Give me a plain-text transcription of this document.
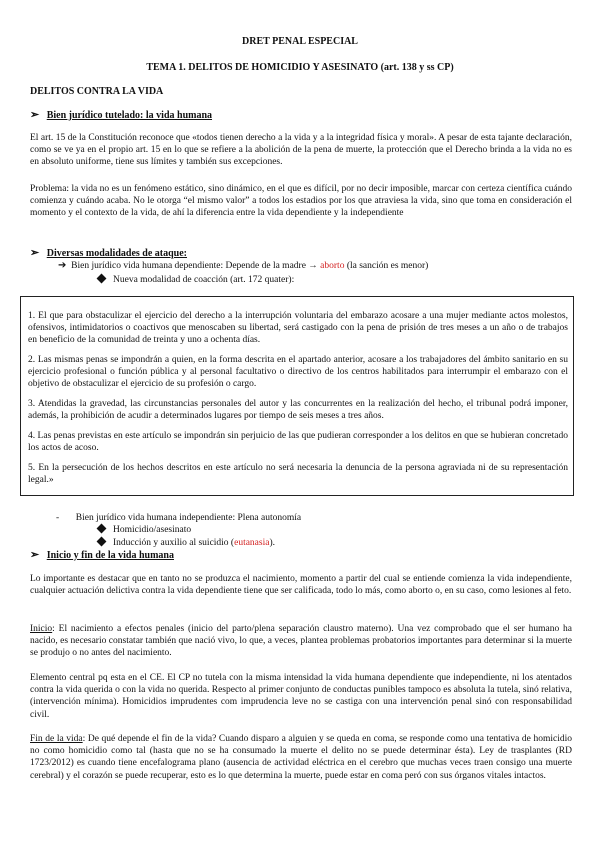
DRET PENAL ESPECIAL

TEMA 1. DELITOS DE HOMICIDIO Y ASESINATO (art. 138 y ss CP)

DELITOS CONTRA LA VIDA

➢ Bien jurídico tutelado: la vida humana

El art. 15 de la Constitución reconoce que «todos tienen derecho a la vida y a la integridad física y moral». A pesar de esta tajante declaración, como se ve ya en el propio art. 15 en lo que se refiere a la abolición de la pena de muerte, la protección que el Derecho brinda a la vida no es en absoluto uniforme, tiene sus límites y también sus excepciones.

Problema: la vida no es un fenómeno estático, sino dinámico, en el que es difícil, por no decir imposible, marcar con certeza científica cuándo comienza y cuándo acaba. No le otorga “el mismo valor” a todos los estadios por los que atraviesa la vida, sino que toma en consideración el momento y el contexto de la vida, de ahí la diferencia entre la vida dependiente y la independiente

➢ Diversas modalidades de ataque:

➔ Bien jurídico vida humana dependiente: Depende de la madre → aborto (la sanción es menor)

Nueva modalidad de coacción (art. 172 quater):

1. El que para obstaculizar el ejercicio del derecho a la interrupción voluntaria del embarazo acosare a una mujer mediante actos molestos, ofensivos, intimidatorios o coactivos que menoscaben su libertad, será castigado con la pena de prisión de tres meses a un año o de trabajos en beneficio de la comunidad de treinta y uno a ochenta días.

2. Las mismas penas se impondrán a quien, en la forma descrita en el apartado anterior, acosare a los trabajadores del ámbito sanitario en su ejercicio profesional o función pública y al personal facultativo o directivo de los centros habilitados para interrumpir el embarazo con el objetivo de obstaculizar el ejercicio de su profesión o cargo.

3. Atendidas la gravedad, las circunstancias personales del autor y las concurrentes en la realización del hecho, el tribunal podrá imponer, además, la prohibición de acudir a determinados lugares por tiempo de seis meses a tres años.

4. Las penas previstas en este artículo se impondrán sin perjuicio de las que pudieran corresponder a los delitos en que se hubieran concretado los actos de acoso.

5. En la persecución de los hechos descritos en este artículo no será necesaria la denuncia de la persona agraviada ni de su representación legal.»

- Bien jurídico vida humana independiente: Plena autonomía

Homicidio/asesinato

Inducción y auxilio al suicidio (eutanasia).

➢ Inicio y fin de la vida humana

Lo importante es destacar que en tanto no se produzca el nacimiento, momento a partir del cual se entiende comienza la vida independiente, cualquier actuación delictiva contra la vida dependiente tiene que ser calificada, todo lo más, como aborto o, en su caso, como lesiones al feto.

Inicio: El nacimiento a efectos penales (inicio del parto/plena separación claustro materno). Una vez comprobado que el ser humano ha nacido, es necesario constatar también que nació vivo, lo que, a veces, plantea problemas probatorios importantes para determinar si la muerte se produjo o no antes del nacimiento.

Elemento central pq esta en el CE. El CP no tutela con la misma intensidad la vida humana dependiente que independiente, ni los atentados contra la vida querida o con la vida no querida. Respecto al primer conjunto de conductas punibles tampoco es absoluta la tutela, sinó relativa, (intervención mínima). Homicidios imprudentes com imprudencia leve no se castiga con una intervención penal sinó con responsabilidad civil.

Fin de la vida: De qué depende el fin de la vida? Cuando disparo a alguien y se queda en coma, se responde como una tentativa de homicidio no como homicidio como tal (hasta que no se ha consumado la muerte el delito no se puede determinar ésta). Ley de trasplantes (RD 1723/2012) es cuando tiene encefalograma plano (ausencia de actividad eléctrica en el cerebro que muchas veces traen consigo una muerte cerebral) y el corazón se puede recuperar, esto es lo que determina la muerte, puede estar en coma peró con sus órganos vitales intactos.
